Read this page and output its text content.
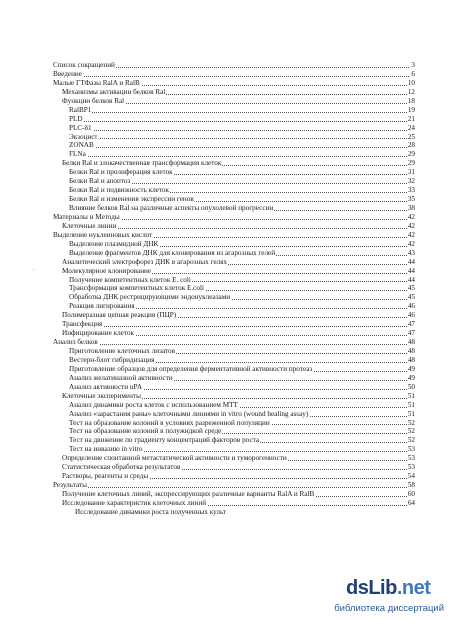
Список сокращений	3
Введение	6
Малые ГТФазы RalA и RalB	10
Механизмы активации белков Ral	12
Функции белков Ral	18
RalBP1	19
PLD	21
PLC-δ1	24
Экзоцист	25
ZONAB	28
FLNa	29
Белки Ral и злокачественная трансформация клеток	29
Белки Ral и пролиферация клеток	31
Белки Ral и апоптоз	32
Белки Ral и подвижность клеток	33
Белки Ral и изменения экспрессии генов	35
Влияние белков Ral на различные аспекты опухолевой прогрессии	38
Материалы и Методы	42
Клеточные линии	42
Выделение нуклеиновых кислот	42
Выделение плазмидной ДНК	42
Выделение фрагментов ДНК для клонирования из агарозных гелей	43
Аналитический электрофорез ДНК в агарозных гелях	44
Молекулярное клонирование	44
Получение компетентных клеток E. coli	44
Трансформация компетентных клеток E.coli	45
Обработка ДНК рестрицирующими эндонуклеазами	45
Реакция лигирования	46
Полимеразная цепная реакция (ПЦР)	46
Трансфекция	47
Инфицирование клеток	47
Анализ белков	48
Приготовление клеточных лизатов	48
Вестерн-блот гибридизация	48
Приготовление образцов для определения ферментативной активности протеаз	49
Анализ желатиназной активности	49
Анализ активности uPA	50
Клеточные эксперименты	51
Анализ динамики роста клеток с использованием MTT	51
Анализ «зарастания раны» клеточными линиями in vitro (wound healing assay)	51
Тест на образование колоний в условиях разреженной популяции	52
Тест на образование колоний в полужидкой среде	52
Тест на движение по градиенту концентраций факторов роста	52
Тест на инвазию in vitro	53
Определение спонтанной метастатической активности и туморогенности	53
Статистическая обработка результатов	53
Растворы, реагенты и среды	54
Результаты	58
Получение клеточных линий, экспрессирующих различные варианты RalA и RalB	60
Исследование характеристик клеточных линий	64
Исследование динамики роста полученных культ
.
dsLib.net
библиотека диссертаций
